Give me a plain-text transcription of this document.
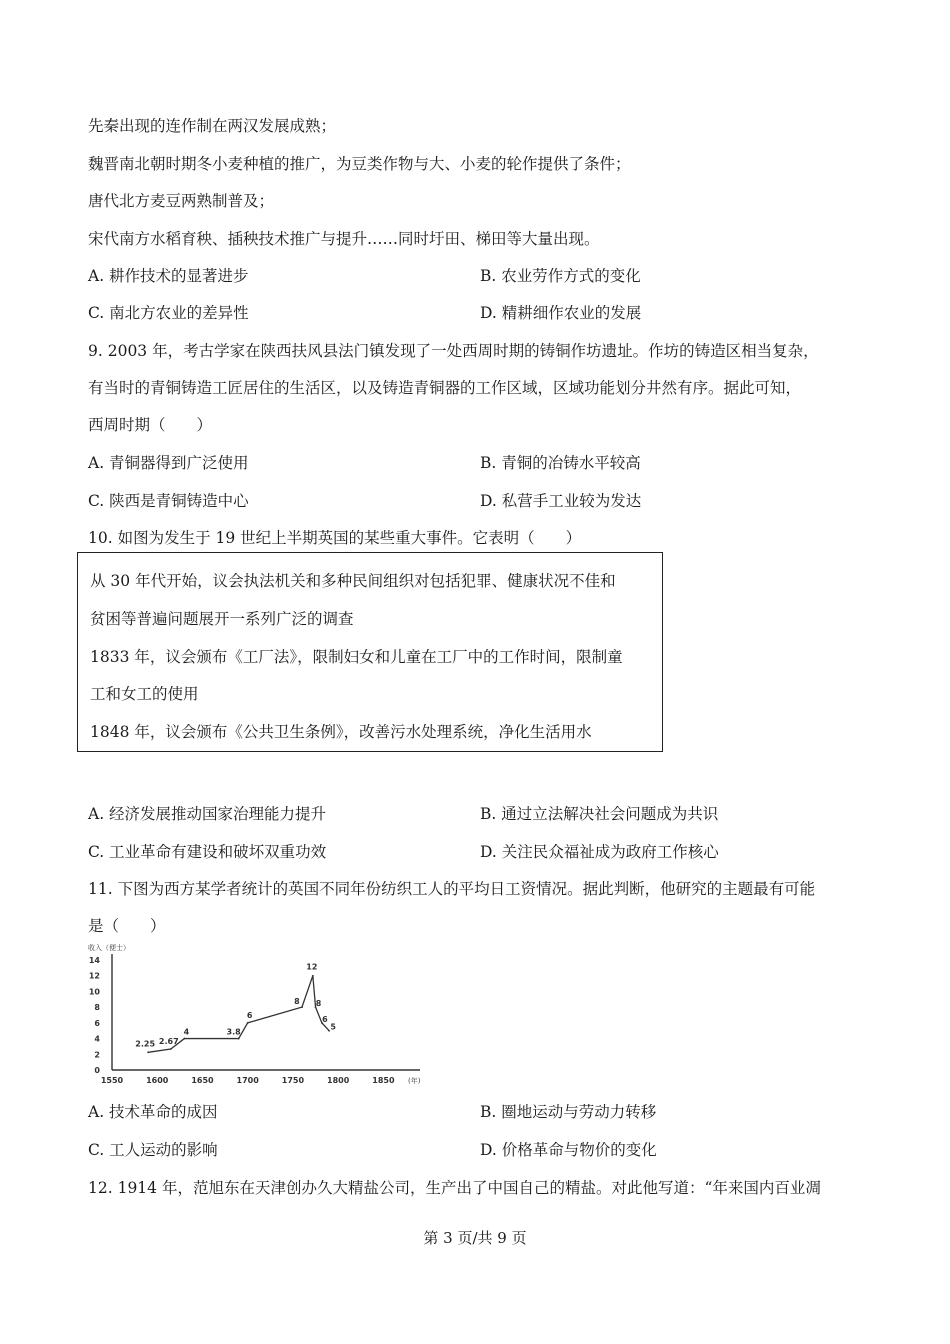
先秦出现的连作制在两汉发展成熟；
魏晋南北朝时期冬小麦种植的推广，为豆类作物与大、小麦的轮作提供了条件；
唐代北方麦豆两熟制普及；
宋代南方水稻育秧、插秧技术推广与提升……同时圩田、梯田等大量出现。
A. 耕作技术的显著进步	B. 农业劳作方式的变化
C. 南北方农业的差异性	D. 精耕细作农业的发展
9. 2003 年，考古学家在陕西扶风县法门镇发现了一处西周时期的铸铜作坊遗址。作坊的铸造区相当复杂，
有当时的青铜铸造工匠居住的生活区，以及铸造青铜器的工作区域，区域功能划分井然有序。据此可知，
西周时期（　　）
A. 青铜器得到广泛使用	B. 青铜的冶铸水平较高
C. 陕西是青铜铸造中心	D. 私营手工业较为发达
10. 如图为发生于 19 世纪上半期英国的某些重大事件。它表明（　　）
从 30 年代开始，议会执法机关和多种民间组织对包括犯罪、健康状况不佳和
贫困等普遍问题展开一系列广泛的调查
1833 年，议会颁布《工厂法》，限制妇女和儿童在工厂中的工作时间，限制童
工和女工的使用
1848 年，议会颁布《公共卫生条例》，改善污水处理系统，净化生活用水
A. 经济发展推动国家治理能力提升	B. 通过立法解决社会问题成为共识
C. 工业革命有建设和破坏双重功效	D. 关注民众福祉成为政府工作核心
11. 下图为西方某学者统计的英国不同年份纺织工人的平均日工资情况。据此判断，他研究的主题最有可能
是（　　）
0
2
4
6
8
10
12
14
1550	1600	1650	1700	1750	1800	1850
收入（便士）
(年)
2.25 2.67
4	3.8
6
8
12
8
6
5
A. 技术革命的成因	B. 圈地运动与劳动力转移
C. 工人运动的影响	D. 价格革命与物价的变化
12. 1914 年，范旭东在天津创办久大精盐公司，生产出了中国自己的精盐。对此他写道：“年来国内百业凋
第 3 页/共 9 页
